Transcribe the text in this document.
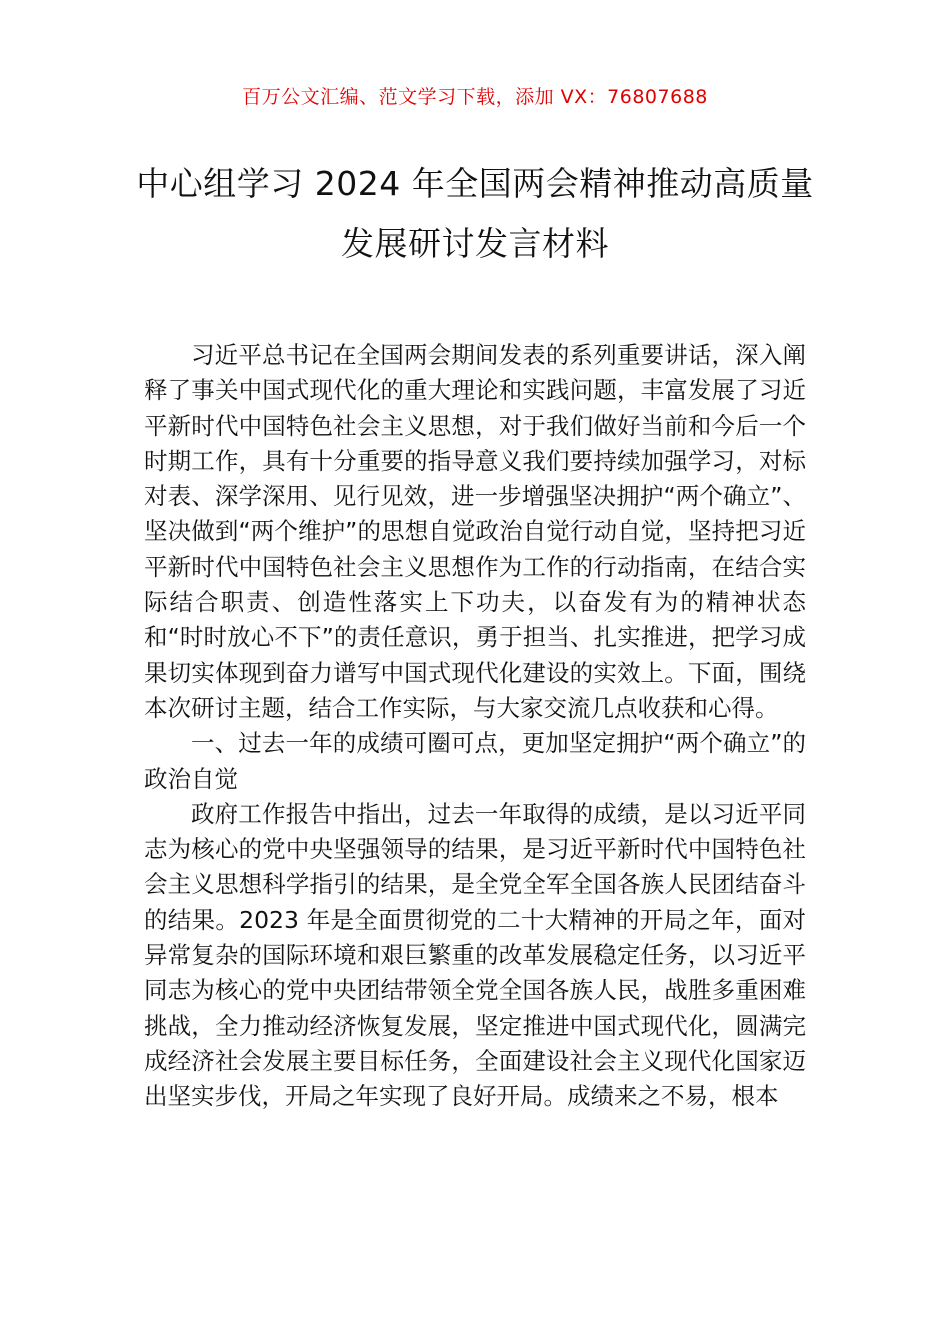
百万公文汇编、范文学习下载，添加 VX：76807688
中心组学习 2024 年全国两会精神推动高质量发展研讨发言材料

习近平总书记在全国两会期间发表的系列重要讲话，深入阐释了事关中国式现代化的重大理论和实践问题，丰富发展了习近平新时代中国特色社会主义思想，对于我们做好当前和今后一个时期工作，具有十分重要的指导意义我们要持续加强学习，对标对表、深学深用、见行见效，进一步增强坚决拥护“两个确立”、坚决做到“两个维护”的思想自觉政治自觉行动自觉，坚持把习近平新时代中国特色社会主义思想作为工作的行动指南，在结合实际结合职责、创造性落实上下功夫，以奋发有为的精神状态和“时时放心不下”的责任意识，勇于担当、扎实推进，把学习成果切实体现到奋力谱写中国式现代化建设的实效上。下面，围绕本次研讨主题，结合工作实际，与大家交流几点收获和心得。

一、过去一年的成绩可圈可点，更加坚定拥护“两个确立”的政治自觉

政府工作报告中指出，过去一年取得的成绩，是以习近平同志为核心的党中央坚强领导的结果，是习近平新时代中国特色社会主义思想科学指引的结果，是全党全军全国各族人民团结奋斗的结果。2023 年是全面贯彻党的二十大精神的开局之年，面对异常复杂的国际环境和艰巨繁重的改革发展稳定任务，以习近平同志为核心的党中央团结带领全党全国各族人民，战胜多重困难挑战，全力推动经济恢复发展，坚定推进中国式现代化，圆满完成经济社会发展主要目标任务，全面建设社会主义现代化国家迈出坚实步伐，开局之年实现了良好开局。成绩来之不易，根本
